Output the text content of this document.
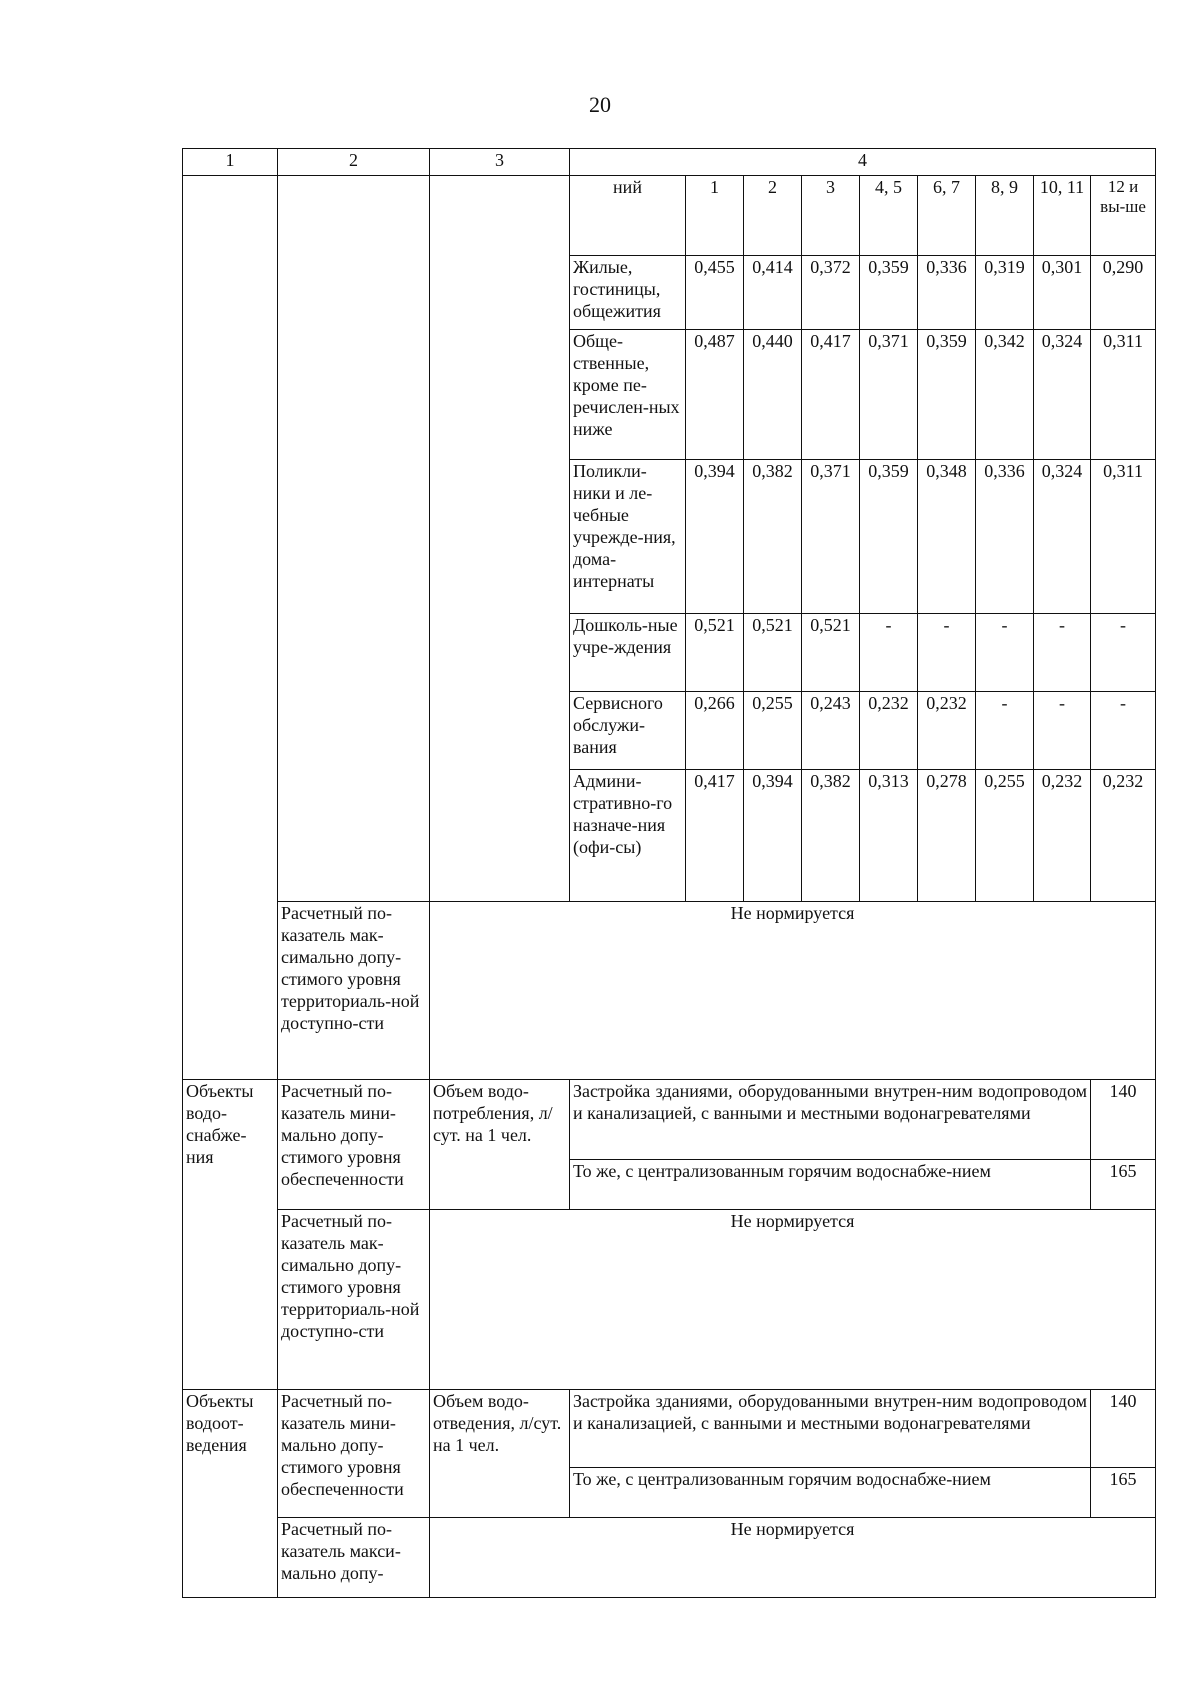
20
1	2	3	4								
			ний	1	2	3	4, 5	6, 7	8, 9	10, 11	12 и вы-ше
			Жилые, гостиницы, общежития	0,455	0,414	0,372	0,359	0,336	0,319	0,301	0,290
			Обще-ственные, кроме пе-речислен-ных ниже	0,487	0,440	0,417	0,371	0,359	0,342	0,324	0,311
			Поликли-ники и ле-чебные учрежде-ния, дома-интернаты	0,394	0,382	0,371	0,359	0,348	0,336	0,324	0,311
			Дошколь-ные учре-ждения	0,521	0,521	0,521	-	-	-	-	-
			Сервисного обслужи-вания	0,266	0,255	0,243	0,232	0,232	-	-	-
			Админи-стративно-го назначе-ния (офи-сы)	0,417	0,394	0,382	0,313	0,278	0,255	0,232	0,232
	Расчетный по-казатель мак-симально допу-стимого уровня территориаль-ной доступно-сти	Не нормируется									
Объекты водо-снабже-ния	Расчетный по-казатель мини-мально допу-стимого уровня обеспеченности	Объем водо-потребления, л/сут. на 1 чел.	Застройка зданиями, оборудованными внутрен-ним водопроводом и канализацией, с ванными и местными водонагревателями								140
			То же, с централизованным горячим водоснабже-нием								165
	Расчетный по-казатель мак-симально допу-стимого уровня территориаль-ной доступно-сти	Не нормируется									
Объекты водоот-ведения	Расчетный по-казатель мини-мально допу-стимого уровня обеспеченности	Объем водо-отведения, л/сут. на 1 чел.	Застройка зданиями, оборудованными внутрен-ним водопроводом и канализацией, с ванными и местными водонагревателями								140
			То же, с централизованным горячим водоснабже-нием								165
	Расчетный по-казатель макси-мально допу-	Не нормируется									
